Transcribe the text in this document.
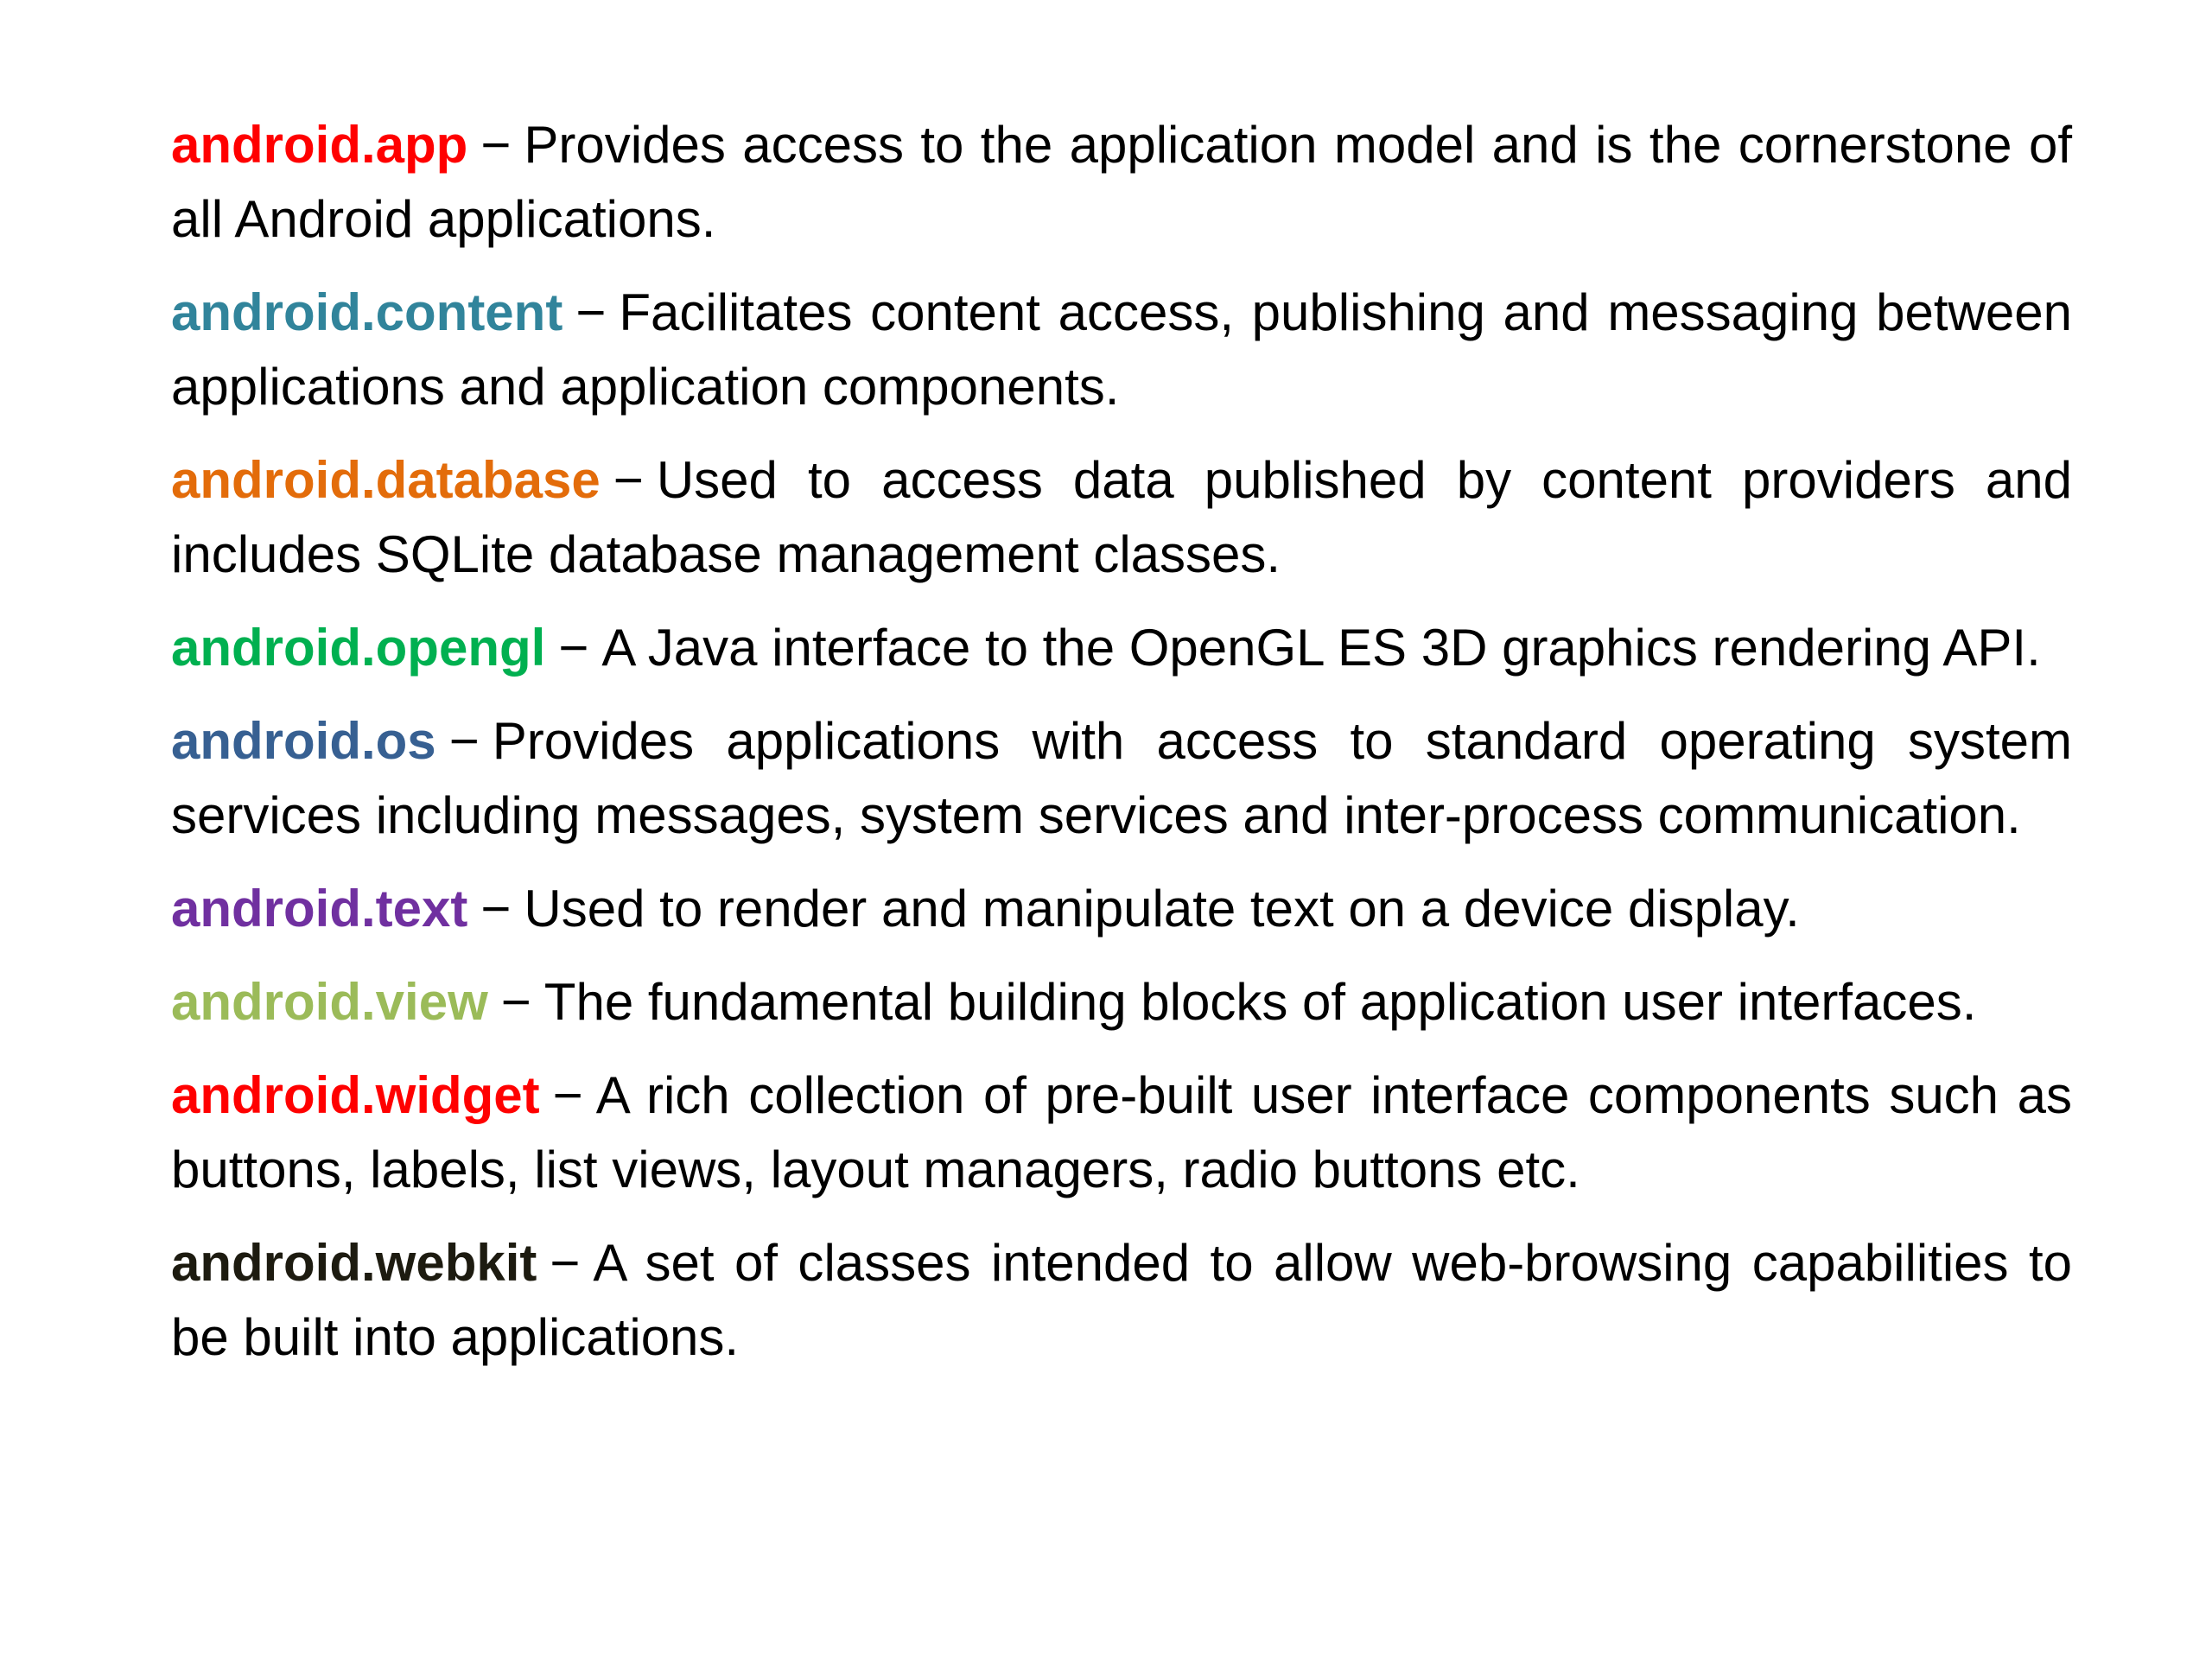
android.app − Provides access to the application model and is the cornerstone of all Android applications.

android.content − Facilitates content access, publishing and messaging between applications and application components.

android.database − Used to access data published by content providers and includes SQLite database management classes.

android.opengl − A Java interface to the OpenGL ES 3D graphics rendering API.

android.os − Provides applications with access to standard operating system services including messages, system services and inter-process communication.

android.text − Used to render and manipulate text on a device display.

android.view − The fundamental building blocks of application user interfaces.

android.widget − A rich collection of pre-built user interface components such as buttons, labels, list views, layout managers, radio buttons etc.

android.webkit − A set of classes intended to allow web-browsing capabilities to be built into applications.
